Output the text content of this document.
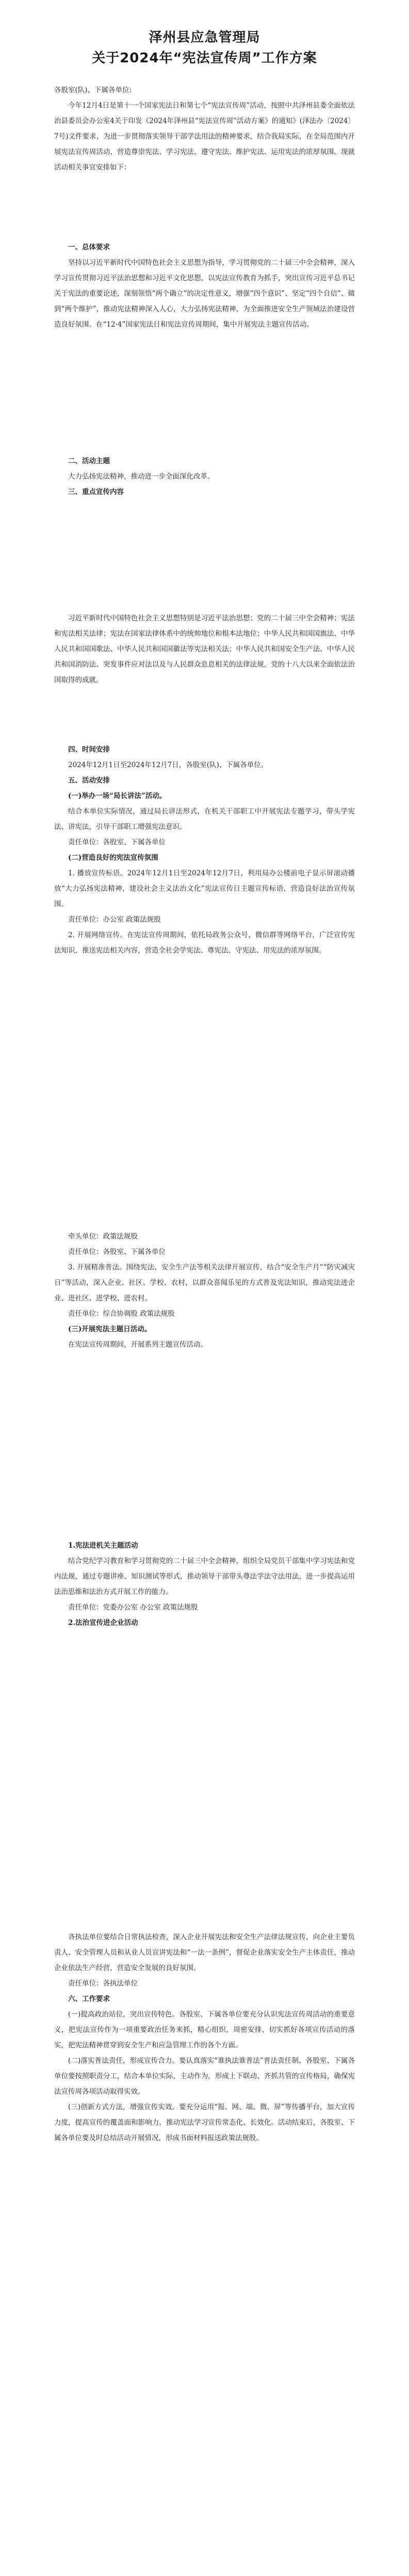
泽州县应急管理局
关于2024年“宪法宣传周”工作方案

各股室(队)、下属各单位:

今年12月4日是第十一个国家宪法日和第七个“宪法宣传周”活动，按照中共泽州县委全面依法治县委员会办公室4关于印发《2024年泽州县“宪法宣传周”活动方案》的通知》(泽法办〔2024〕7号)文件要求，为进一步贯彻落实领导干部学法用法的精神要求，结合我局实际，在全局范围内开展宪法宣传周活动，营造尊崇宪法、学习宪法、遵守宪法、维护宪法、运用宪法的浓厚氛围。现就活动相关事宜安排如下：

一、总体要求

坚持以习近平新时代中国特色社会主义思想为指导，学习贯彻党的二十届三中全会精神，深入学习宣传贯彻习近平法治思想和习近平文化思想，以宪法宣传教育为抓手，突出宣传习近平总书记关于宪法的重要论述，深刻领悟“两个确立”的决定性意义，增强“四个意识”、坚定“四个自信”、做到“两个维护”，推动宪法精神深入人心，大力弘扬宪法精神，为全面推进安全生产领域法治建设营造良好氛围。在“12·4”国家宪法日和宪法宣传周期间，集中开展宪法主题宣传活动。

二、活动主题

大力弘扬宪法精神，推动进一步全面深化改革。

三、重点宣传内容

习近平新时代中国特色社会主义思想特别是习近平法治思想；党的二十届三中全会精神；宪法和宪法相关法律；宪法在国家法律体系中的统帅地位和根本法地位；中华人民共和国国旗法、中华人民共和国国歌法、中华人民共和国国徽法等宪法相关法；中华人民共和国安全生产法、中华人民共和国消防法、突发事件应对法以及与人民群众息息相关的法律法规，党的十八大以来全面依法治国取得的成就。

四、时间安排

2024年12月1日至2024年12月7日，各股室(队)、下属各单位。

五、活动安排

(一)举办一场“局长讲法”活动。

结合本单位实际情况，通过局长讲法形式，在机关干部职工中开展宪法专题学习，带头学宪法、讲宪法，引导干部职工增强宪法意识。

责任单位：各股室、下属各单位

(二)营造良好的宪法宣传氛围

1. 播放宣传标语。2024年12月1日至2024年12月7日，利用局办公楼前电子显示屏滚动播放“大力弘扬宪法精神，建设社会主义法治文化”宪法宣传日主题宣传标语，营造良好法治宣传氛围。

责任单位：办公室 政策法规股

2. 开展网络宣传。在宪法宣传周期间，依托局政务公众号、微信群等网络平台，广泛宣传宪法知识，推送宪法相关内容，营造全社会学宪法、尊宪法、守宪法、用宪法的浓厚氛围。

牵头单位：政策法规股

责任单位：各股室、下属各单位

3. 开展精准普法。围绕宪法、安全生产法等相关法律开展宣传，结合“安全生产月”“防灾减灾日”等活动，深入企业、社区、学校、农村，以群众喜闻乐见的方式普及宪法知识，推动宪法进企业、进社区、进学校、进农村。

责任单位：综合协调股 政策法规股

(三)开展宪法主题日活动。

在宪法宣传周期间，开展系列主题宣传活动。

1.宪法进机关主题活动

结合党纪学习教育和学习贯彻党的二十届三中全会精神，组织全局党员干部集中学习宪法和党内法规，通过专题讲座、知识测试等形式，推动领导干部带头尊法学法守法用法，进一步提高运用法治思维和法治方式开展工作的能力。

责任单位：党委办公室 办公室 政策法规股

2.法治宣传进企业活动

各执法单位要结合日常执法检查，深入企业开展宪法和安全生产法律法规宣传，向企业主要负责人、安全管理人员和从业人员宣讲宪法和“一法一条例”，督促企业落实安全生产主体责任，推动企业依法生产经营，营造安全发展的良好氛围。

责任单位：各执法单位

六、工作要求

(一)提高政治站位，突出宣传特色。各股室、下属各单位要充分认识宪法宣传周活动的重要意义，把宪法宣传作为一项重要政治任务来抓，精心组织，周密安排，切实抓好各项宣传活动的落实，把宪法精神贯穿到安全生产和应急管理工作的各个方面。

(二)落实普法责任，形成宣传合力。要认真落实“谁执法谁普法”普法责任制，各股室、下属各单位要按照职责分工，结合本单位实际，主动作为，形成上下联动、齐抓共管的宣传格局，确保宪法宣传周各项活动取得实效。

(三)创新方式方法，增强宣传实效。要充分运用“报、网、端、微、屏”等传播平台，加大宣传力度，提高宣传的覆盖面和影响力，推动宪法学习宣传常态化、长效化。活动结束后，各股室、下属各单位要及时总结活动开展情况，形成书面材料报送政策法规股。
